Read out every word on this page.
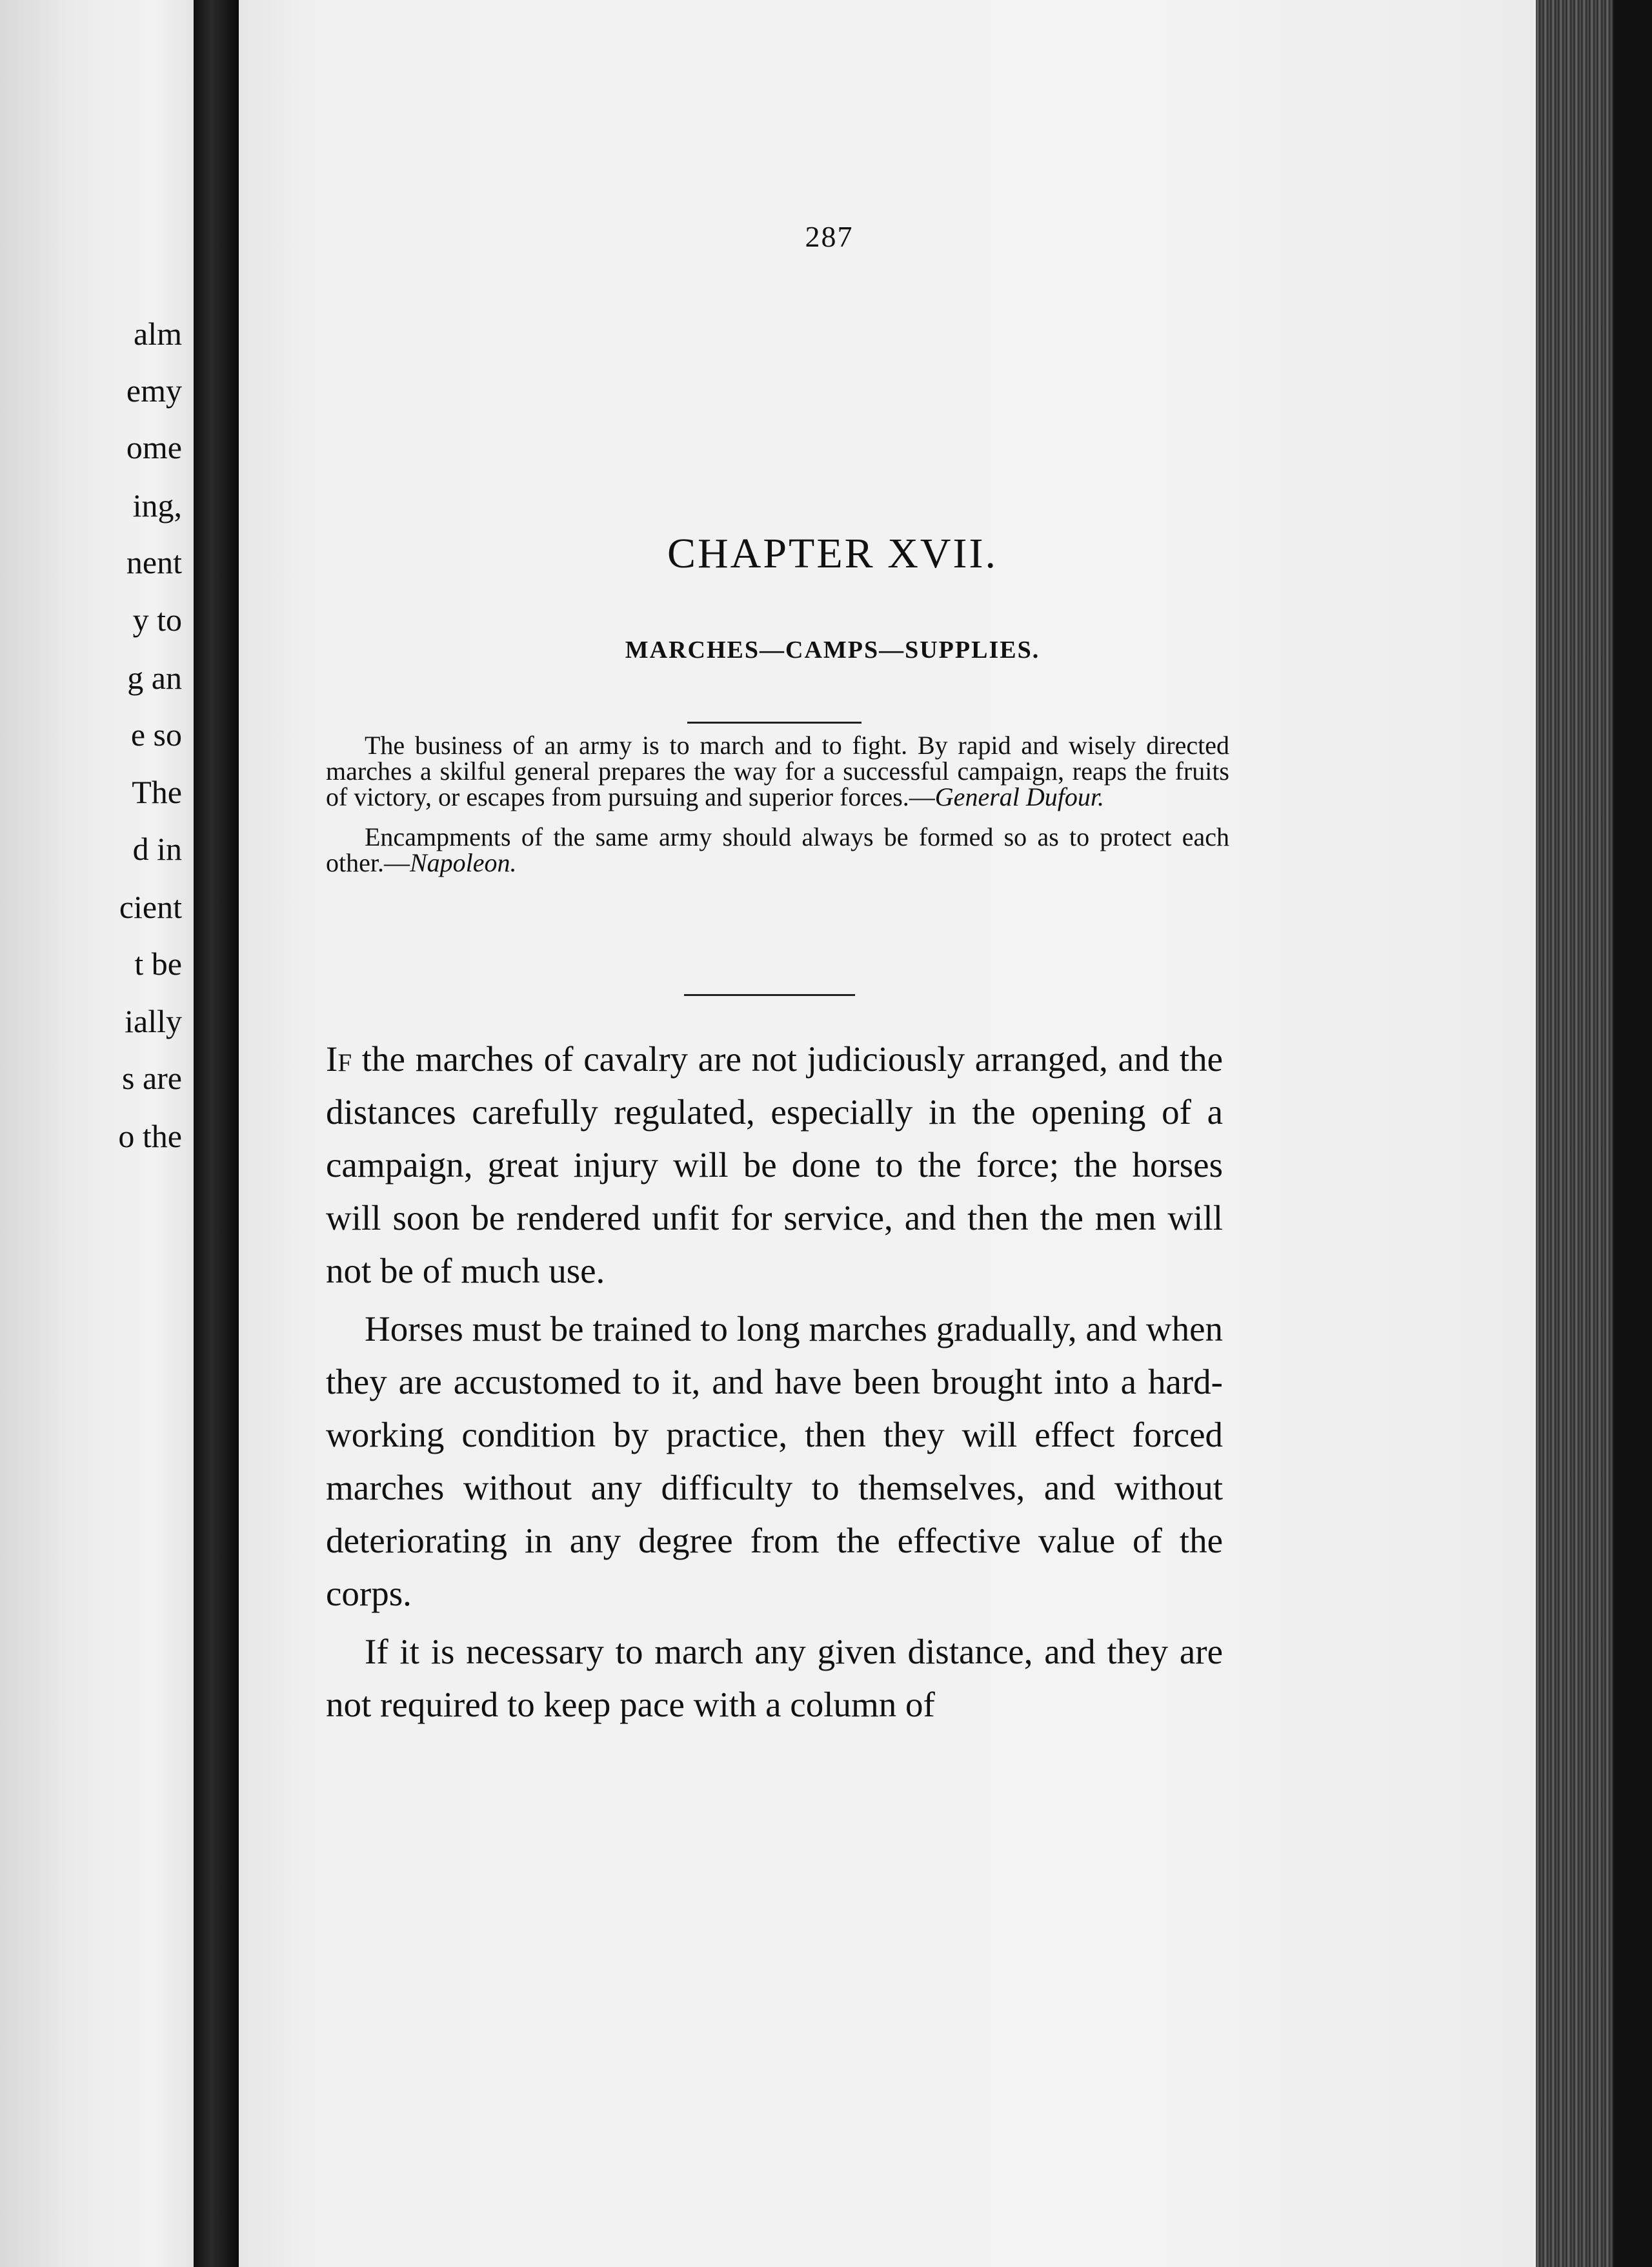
alm
emy
ome
ing,
nent
y to
g an
e so
The
d in
cient
t be
ially
s are
o the
287
CHAPTER XVII.
MARCHES—CAMPS—SUPPLIES.

The business of an army is to march and to fight. By rapid and wisely directed marches a skilful general prepares the way for a successful campaign, reaps the fruits of victory, or escapes from pursuing and superior forces.—General Dufour.

Encampments of the same army should always be formed so as to protect each other.—Napoleon.

If the marches of cavalry are not judiciously arranged, and the distances carefully regulated, especially in the opening of a campaign, great injury will be done to the force; the horses will soon be rendered unfit for service, and then the men will not be of much use.

Horses must be trained to long marches gradually, and when they are accustomed to it, and have been brought into a hard-working condition by practice, then they will effect forced marches without any difficulty to themselves, and without deteriorating in any degree from the effective value of the corps.

If it is necessary to march any given distance, and they are not required to keep pace with a column of
